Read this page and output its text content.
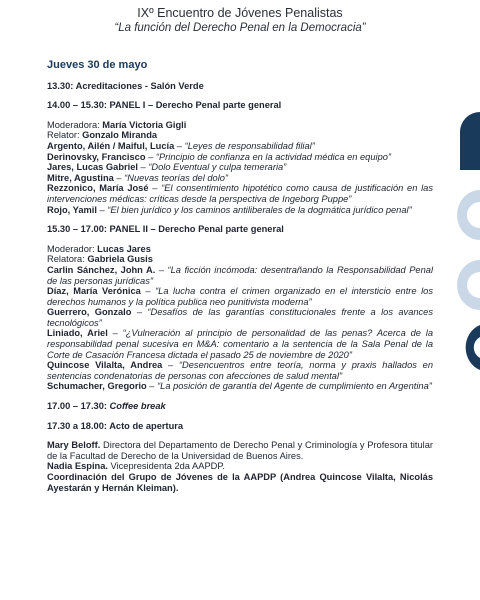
IXº Encuentro de Jóvenes Penalistas
“La función del Derecho Penal en la Democracia”
Jueves 30 de mayo
13.30: Acreditaciones - Salón Verde
14.00 – 15.30: PANEL I – Derecho Penal parte general
Moderadora: María Victoria Gigli
Relator: Gonzalo Miranda
Argento, Ailén / Maiful, Lucía – “Leyes de responsabilidad filial”
Derinovsky, Francisco – “Principio de confianza en la actividad médica en equipo”
Jares, Lucas Gabriel – “Dolo Eventual y culpa temeraria”
Mitre, Agustina – “Nuevas teorías del dolo”
Rezzonico, María José – “El consentimiento hipotético como causa de justificación en las intervenciones médicas: críticas desde la perspectiva de Ingeborg Puppe”
Rojo, Yamil – “El bien jurídico y los caminos antiliberales de la dogmática jurídico penal”
15.30 – 17.00: PANEL II – Derecho Penal parte general
Moderador: Lucas Jares
Relatora: Gabriela Gusis
Carlin Sánchez, John A. – “La ficción incómoda: desentrañando la Responsabilidad Penal de las personas jurídicas”
Díaz, María Verónica – “La lucha contra el crimen organizado en el intersticio entre los derechos humanos y la política publica neo punitivista moderna”
Guerrero, Gonzalo – “Desafíos de las garantías constitucionales frente a los avances tecnológicos”
Liniado, Ariel – “¿Vulneración al principio de personalidad de las penas? Acerca de la responsabilidad penal sucesiva en M&A: comentario a la sentencia de la Sala Penal de la Corte de Casación Francesa dictada el pasado 25 de noviembre de 2020”
Quincose Vilalta, Andrea – “Desencuentros entre teoría, norma y praxis hallados en sentencias condenatorias de personas con afecciones de salud mental”
Schumacher, Gregorio – “La posición de garantía del Agente de cumplimiento en Argentina”
17.00 – 17.30: Coffee break
17.30 a 18.00: Acto de apertura
Mary Beloff. Directora del Departamento de Derecho Penal y Criminología y Profesora titular de la Facultad de Derecho de la Universidad de Buenos Aires.
Nadia Espina. Vicepresidenta 2da AAPDP.
Coordinación del Grupo de Jóvenes de la AAPDP (Andrea Quincose Vilalta, Nicolás Ayestarán y Hernán Kleiman).
